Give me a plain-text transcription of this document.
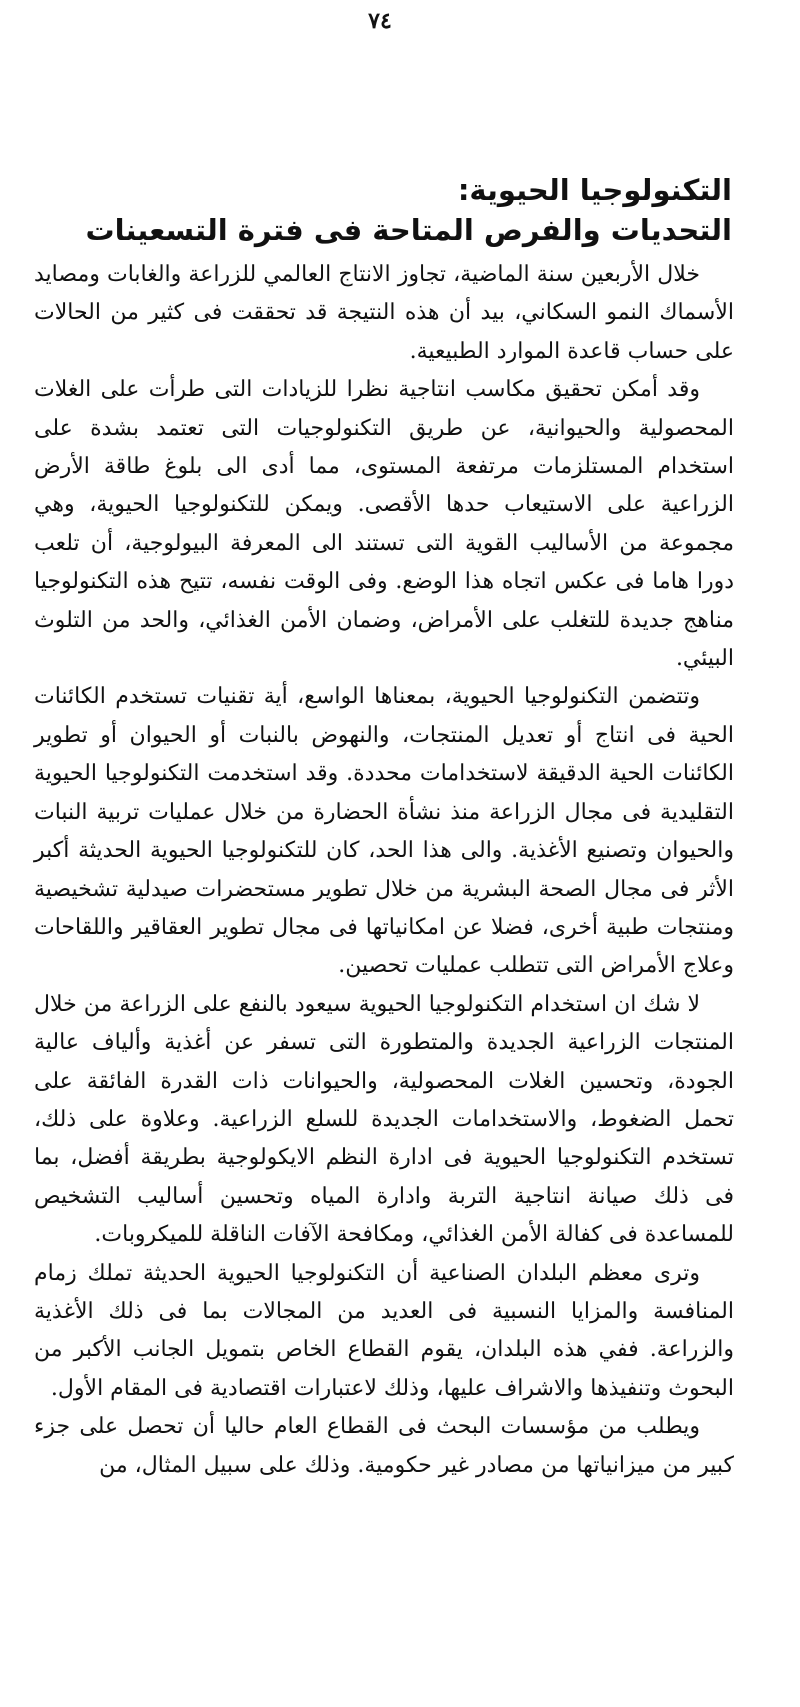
٧٤
التكنولوجيا الحيوية:
التحديات والفرص المتاحة فى فترة التسعينات

خلال الأربعين سنة الماضية، تجاوز الانتاج العالمي للزراعة والغابات ومصايد الأسماك النمو السكاني، بيد أن هذه النتيجة قد تحققت فى كثير من الحالات على حساب قاعدة الموارد الطبيعية.

وقد أمكن تحقيق مكاسب انتاجية نظرا للزيادات التى طرأت على الغلات المحصولية والحيوانية، عن طريق التكنولوجيات التى تعتمد بشدة على استخدام المستلزمات مرتفعة المستوى، مما أدى الى بلوغ طاقة الأرض الزراعية على الاستيعاب حدها الأقصى. ويمكن للتكنولوجيا الحيوية، وهي مجموعة من الأساليب القوية التى تستند الى المعرفة البيولوجية، أن تلعب دورا هاما فى عكس اتجاه هذا الوضع. وفى الوقت نفسه، تتيح هذه التكنولوجيا مناهج جديدة للتغلب على الأمراض، وضمان الأمن الغذائي، والحد من التلوث البيئي.

وتتضمن التكنولوجيا الحيوية، بمعناها الواسع، أية تقنيات تستخدم الكائنات الحية فى انتاج أو تعديل المنتجات، والنهوض بالنبات أو الحيوان أو تطوير الكائنات الحية الدقيقة لاستخدامات محددة. وقد استخدمت التكنولوجيا الحيوية التقليدية فى مجال الزراعة منذ نشأة الحضارة من خلال عمليات تربية النبات والحيوان وتصنيع الأغذية. والى هذا الحد، كان للتكنولوجيا الحيوية الحديثة أكبر الأثر فى مجال الصحة البشرية من خلال تطوير مستحضرات صيدلية تشخيصية ومنتجات طبية أخرى، فضلا عن امكانياتها فى مجال تطوير العقاقير واللقاحات وعلاج الأمراض التى تتطلب عمليات تحصين.

لا شك ان استخدام التكنولوجيا الحيوية سيعود بالنفع على الزراعة من خلال المنتجات الزراعية الجديدة والمتطورة التى تسفر عن أغذية وألياف عالية الجودة، وتحسين الغلات المحصولية، والحيوانات ذات القدرة الفائقة على تحمل الضغوط، والاستخدامات الجديدة للسلع الزراعية. وعلاوة على ذلك، تستخدم التكنولوجيا الحيوية فى ادارة النظم الايكولوجية بطريقة أفضل، بما فى ذلك صيانة انتاجية التربة وادارة المياه وتحسين أساليب التشخيص للمساعدة فى كفالة الأمن الغذائي، ومكافحة الآفات الناقلة للميكروبات.

وترى معظم البلدان الصناعية أن التكنولوجيا الحيوية الحديثة تملك زمام المنافسة والمزايا النسبية فى العديد من المجالات بما فى ذلك الأغذية والزراعة. ففي هذه البلدان، يقوم القطاع الخاص بتمويل الجانب الأكبر من البحوث وتنفيذها والاشراف عليها، وذلك لاعتبارات اقتصادية فى المقام الأول.

ويطلب من مؤسسات البحث فى القطاع العام حاليا أن تحصل على جزء كبير من ميزانياتها من مصادر غير حكومية. وذلك على سبيل المثال، من
